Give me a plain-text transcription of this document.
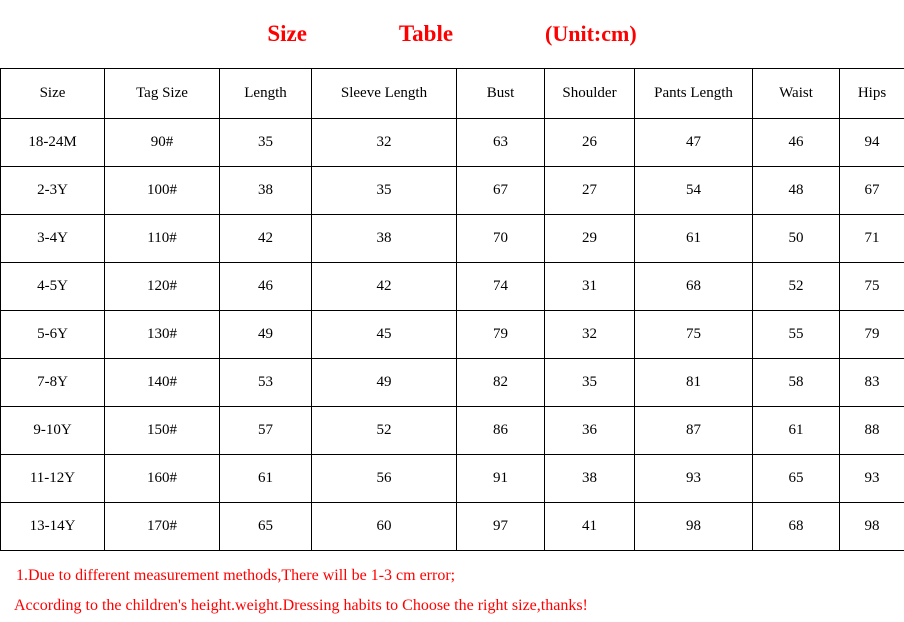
Size	Table	(Unit:cm)
Size	Tag Size	Length	Sleeve Length	Bust	Shoulder	Pants Length	Waist	Hips
18-24M	90#	35	32	63	26	47	46	94
2-3Y	100#	38	35	67	27	54	48	67
3-4Y	110#	42	38	70	29	61	50	71
4-5Y	120#	46	42	74	31	68	52	75
5-6Y	130#	49	45	79	32	75	55	79
7-8Y	140#	53	49	82	35	81	58	83
9-10Y	150#	57	52	86	36	87	61	88
11-12Y	160#	61	56	91	38	93	65	93
13-14Y	170#	65	60	97	41	98	68	98
1.Due to different measurement methods,There will be 1-3 cm error;
According to the children's height.weight.Dressing habits to Choose the right size,thanks!
